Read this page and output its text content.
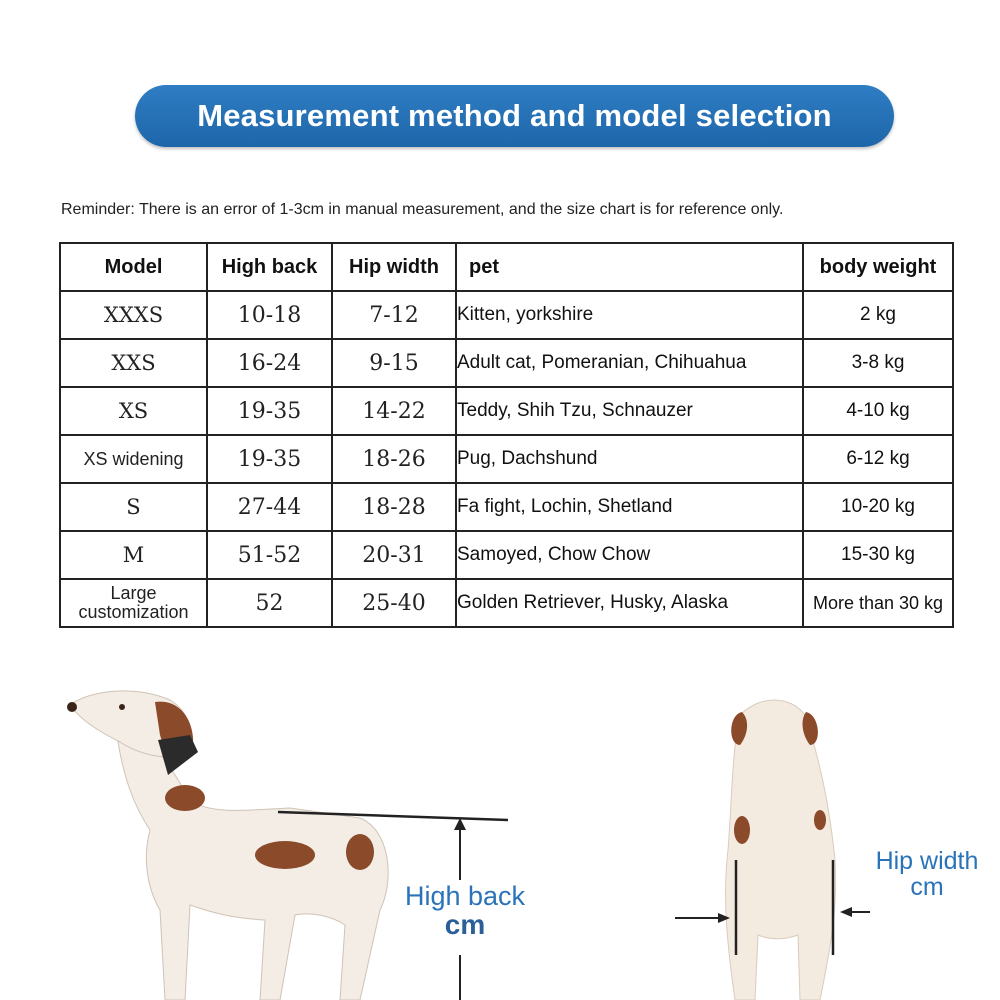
Measurement method and model selection
Reminder: There is an error of 1-3cm in manual measurement, and the size chart is for reference only.
Model	High back	Hip width	pet	body weight
XXXS	10-18	7-12	Kitten, yorkshire	2 kg
XXS	16-24	9-15	Adult cat, Pomeranian, Chihuahua	3-8 kg
XS	19-35	14-22	Teddy, Shih Tzu, Schnauzer	4-10 kg
XS widening	19-35	18-26	Pug, Dachshund	6-12 kg
S	27-44	18-28	Fa fight, Lochin, Shetland	10-20 kg
M	51-52	20-31	Samoyed, Chow Chow	15-30 kg
Large customization	52	25-40	Golden Retriever, Husky, Alaska	More than 30 kg
High back
cm
Hip width
cm
